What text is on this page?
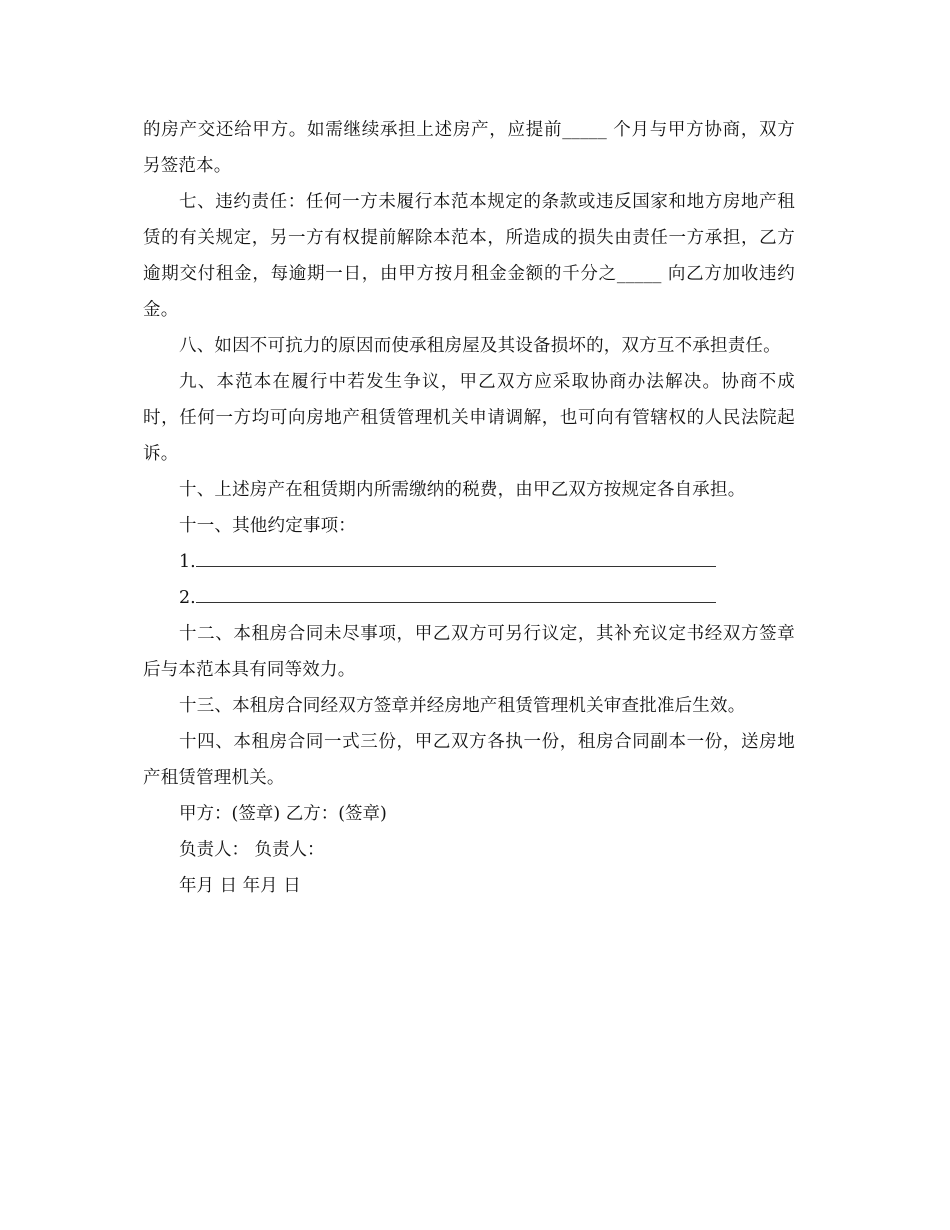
的房产交还给甲方。如需继续承担上述房产，应提前_____ 个月与甲方协商，双方另签范本。

七、违约责任：任何一方未履行本范本规定的条款或违反国家和地方房地产租赁的有关规定，另一方有权提前解除本范本，所造成的损失由责任一方承担，乙方逾期交付租金，每逾期一日，由甲方按月租金金额的千分之_____ 向乙方加收违约金。

八、如因不可抗力的原因而使承租房屋及其设备损坏的，双方互不承担责任。

九、本范本在履行中若发生争议，甲乙双方应采取协商办法解决。协商不成时，任何一方均可向房地产租赁管理机关申请调解，也可向有管辖权的人民法院起诉。

十、上述房产在租赁期内所需缴纳的税费，由甲乙双方按规定各自承担。

十一、其他约定事项：

1.

2.

十二、本租房合同未尽事项，甲乙双方可另行议定，其补充议定书经双方签章后与本范本具有同等效力。

十三、本租房合同经双方签章并经房地产租赁管理机关审查批准后生效。

十四、本租房合同一式三份，甲乙双方各执一份，租房合同副本一份，送房地产租赁管理机关。

甲方：(签章) 乙方：(签章)

负责人： 负责人：

年月 日 年月 日
